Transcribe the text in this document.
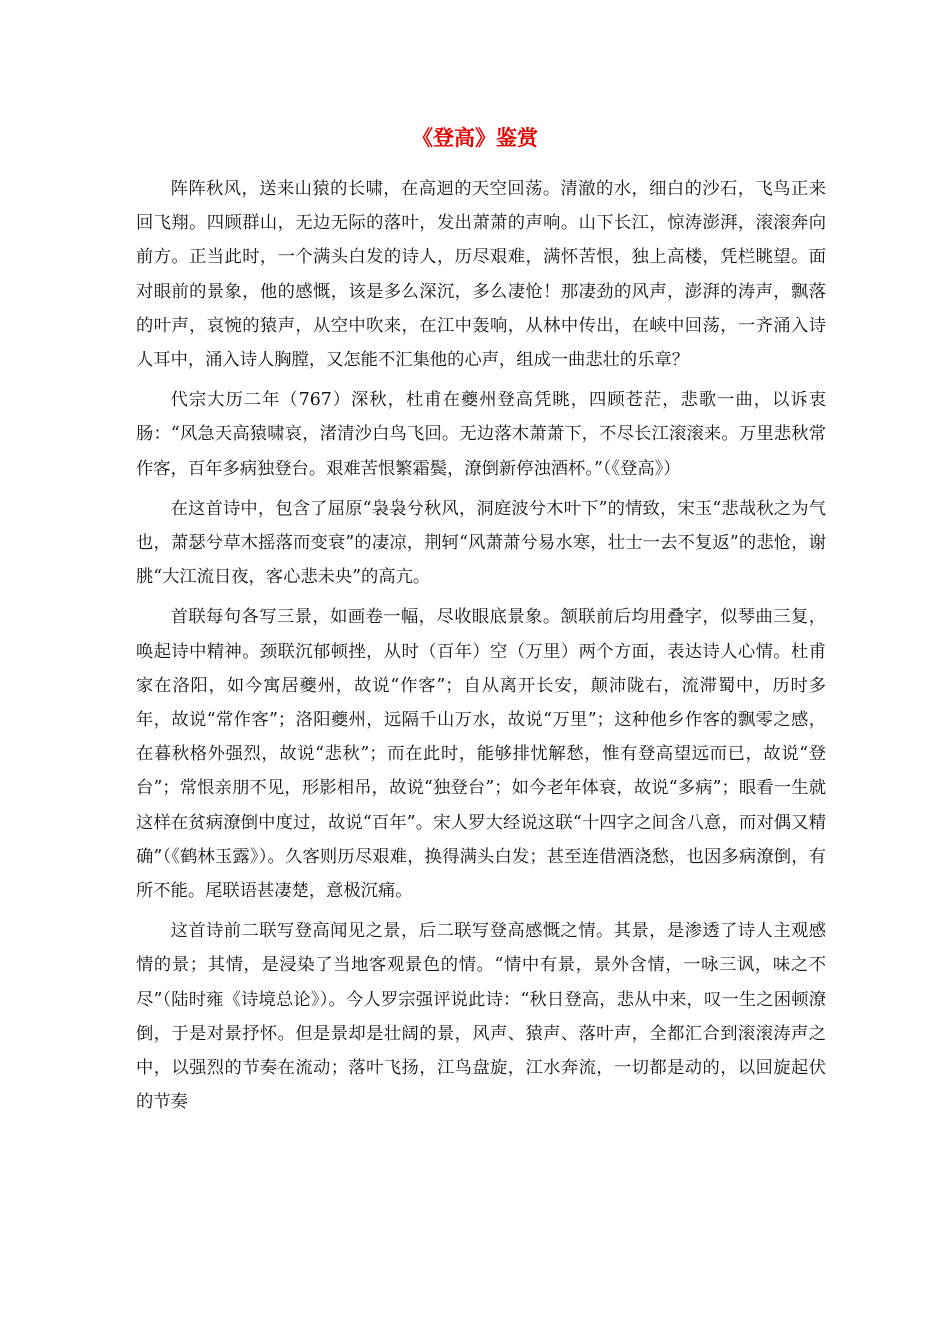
《登高》鉴赏

阵阵秋风，送来山猿的长啸，在高迴的天空回荡。清澈的水，细白的沙石，飞鸟正来回飞翔。四顾群山，无边无际的落叶，发出萧萧的声响。山下长江，惊涛澎湃，滚滚奔向前方。正当此时，一个满头白发的诗人，历尽艰难，满怀苦恨，独上高楼，凭栏眺望。面对眼前的景象，他的感慨，该是多么深沉，多么凄怆！那凄劲的风声，澎湃的涛声，飘落的叶声，哀惋的猿声，从空中吹来，在江中轰响，从林中传出，在峡中回荡，一齐涌入诗人耳中，涌入诗人胸膛，又怎能不汇集他的心声，组成一曲悲壮的乐章？

代宗大历二年（767）深秋，杜甫在夔州登高凭眺，四顾苍茫，悲歌一曲，以诉衷肠：“风急天高猿啸哀，渚清沙白鸟飞回。无边落木萧萧下，不尽长江滚滚来。万里悲秋常作客，百年多病独登台。艰难苦恨繁霜鬓，潦倒新停浊酒杯。”（《登高》）

在这首诗中，包含了屈原“袅袅兮秋风，洞庭波兮木叶下”的情致，宋玉“悲哉秋之为气也，萧瑟兮草木摇落而变衰”的凄凉，荆轲“风萧萧兮易水寒，壮士一去不复返”的悲怆，谢朓“大江流日夜，客心悲未央”的高亢。

首联每句各写三景，如画卷一幅，尽收眼底景象。颔联前后均用叠字，似琴曲三复，唤起诗中精神。颈联沉郁顿挫，从时（百年）空（万里）两个方面，表达诗人心情。杜甫家在洛阳，如今寓居夔州，故说“作客”；自从离开长安，颠沛陇右，流滞蜀中，历时多年，故说“常作客”；洛阳夔州，远隔千山万水，故说“万里”；这种他乡作客的飘零之感，在暮秋格外强烈，故说“悲秋”；而在此时，能够排忧解愁，惟有登高望远而已，故说“登台”；常恨亲朋不见，形影相吊，故说“独登台”；如今老年体衰，故说“多病”；眼看一生就这样在贫病潦倒中度过，故说“百年”。宋人罗大经说这联“十四字之间含八意，而对偶又精确”（《鹤林玉露》）。久客则历尽艰难，换得满头白发；甚至连借酒浇愁，也因多病潦倒，有所不能。尾联语甚凄楚，意极沉痛。

这首诗前二联写登高闻见之景，后二联写登高感慨之情。其景，是渗透了诗人主观感情的景；其情，是浸染了当地客观景色的情。“情中有景，景外含情，一咏三讽，味之不尽”（陆时雍《诗境总论》）。今人罗宗强评说此诗：“秋日登高，悲从中来，叹一生之困顿潦倒，于是对景抒怀。但是景却是壮阔的景，风声、猿声、落叶声，全都汇合到滚滚涛声之中，以强烈的节奏在流动；落叶飞扬，江鸟盘旋，江水奔流，一切都是动的，以回旋起伏的节奏
